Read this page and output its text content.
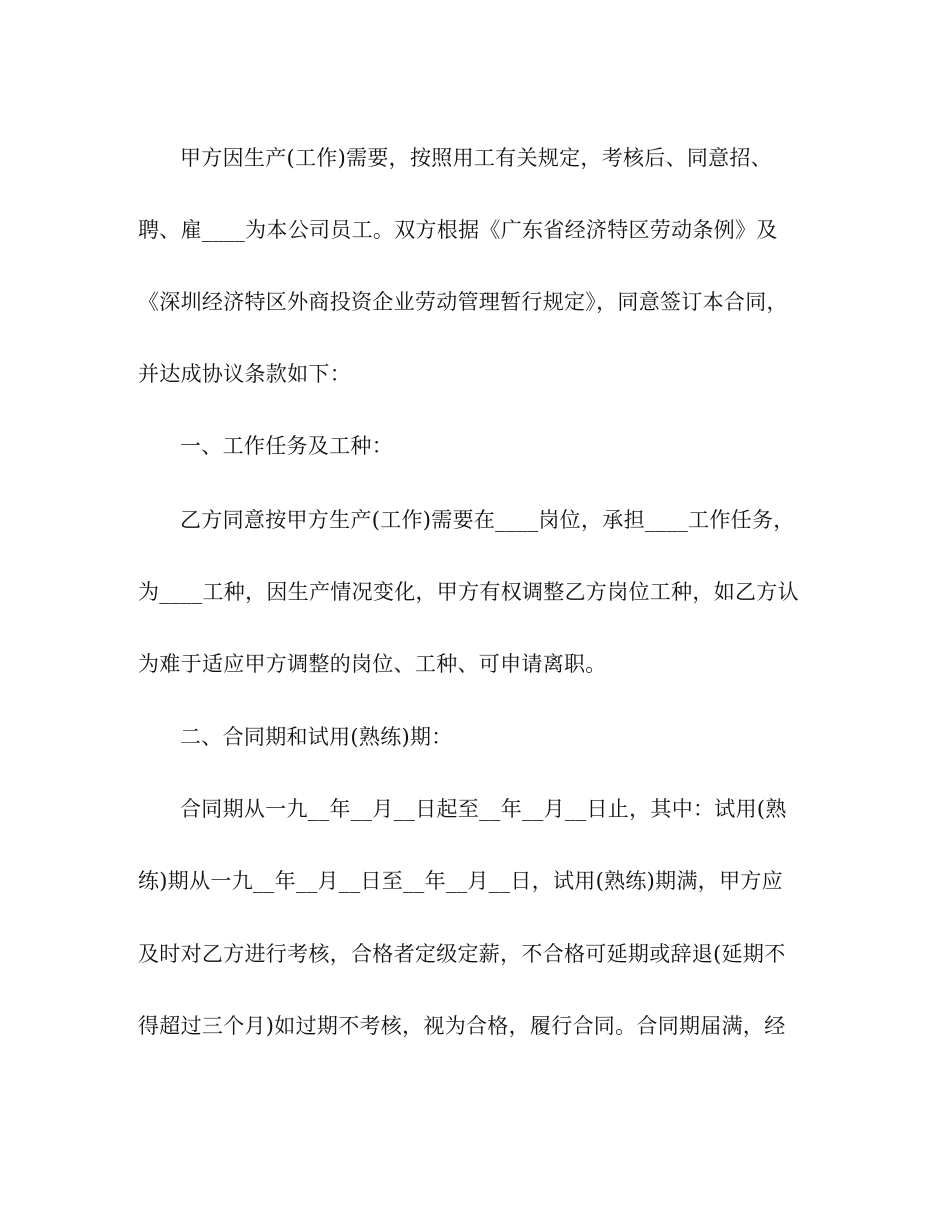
甲方因生产(工作)需要，按照用工有关规定，考核后、同意招、
聘、雇____为本公司员工。双方根据《广东省经济特区劳动条例》及
《深圳经济特区外商投资企业劳动管理暂行规定》，同意签订本合同，
并达成协议条款如下：
一、工作任务及工种：
乙方同意按甲方生产(工作)需要在____岗位，承担____工作任务，
为____工种，因生产情况变化，甲方有权调整乙方岗位工种，如乙方认
为难于适应甲方调整的岗位、工种、可申请离职。
二、合同期和试用(熟练)期：
合同期从一九__年__月__日起至__年__月__日止，其中：试用(熟
练)期从一九__年__月__日至__年__月__日，试用(熟练)期满，甲方应
及时对乙方进行考核，合格者定级定薪，不合格可延期或辞退(延期不
得超过三个月)如过期不考核，视为合格，履行合同。合同期届满，经
